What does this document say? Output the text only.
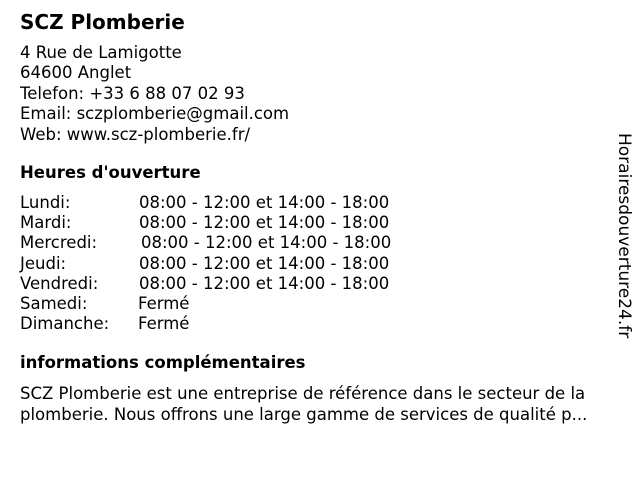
SCZ Plomberie
4 Rue de Lamigotte
64600 Anglet
Telefon: +33 6 88 07 02 93
Email: sczplomberie@gmail.com
Web: www.scz-plomberie.fr/
Heures d'ouverture
Lundi:	08:00 - 12:00 et 14:00 - 18:00
Mardi:	08:00 - 12:00 et 14:00 - 18:00
Mercredi:	08:00 - 12:00 et 14:00 - 18:00
Jeudi:	08:00 - 12:00 et 14:00 - 18:00
Vendredi: 08:00 - 12:00 et 14:00 - 18:00
Samedi:	Fermé
Dimanche: Fermé
informations complémentaires
SCZ Plomberie est une entreprise de référence dans le secteur de la
plomberie. Nous offrons une large gamme de services de qualité p...
Horairesdouverture24.fr
